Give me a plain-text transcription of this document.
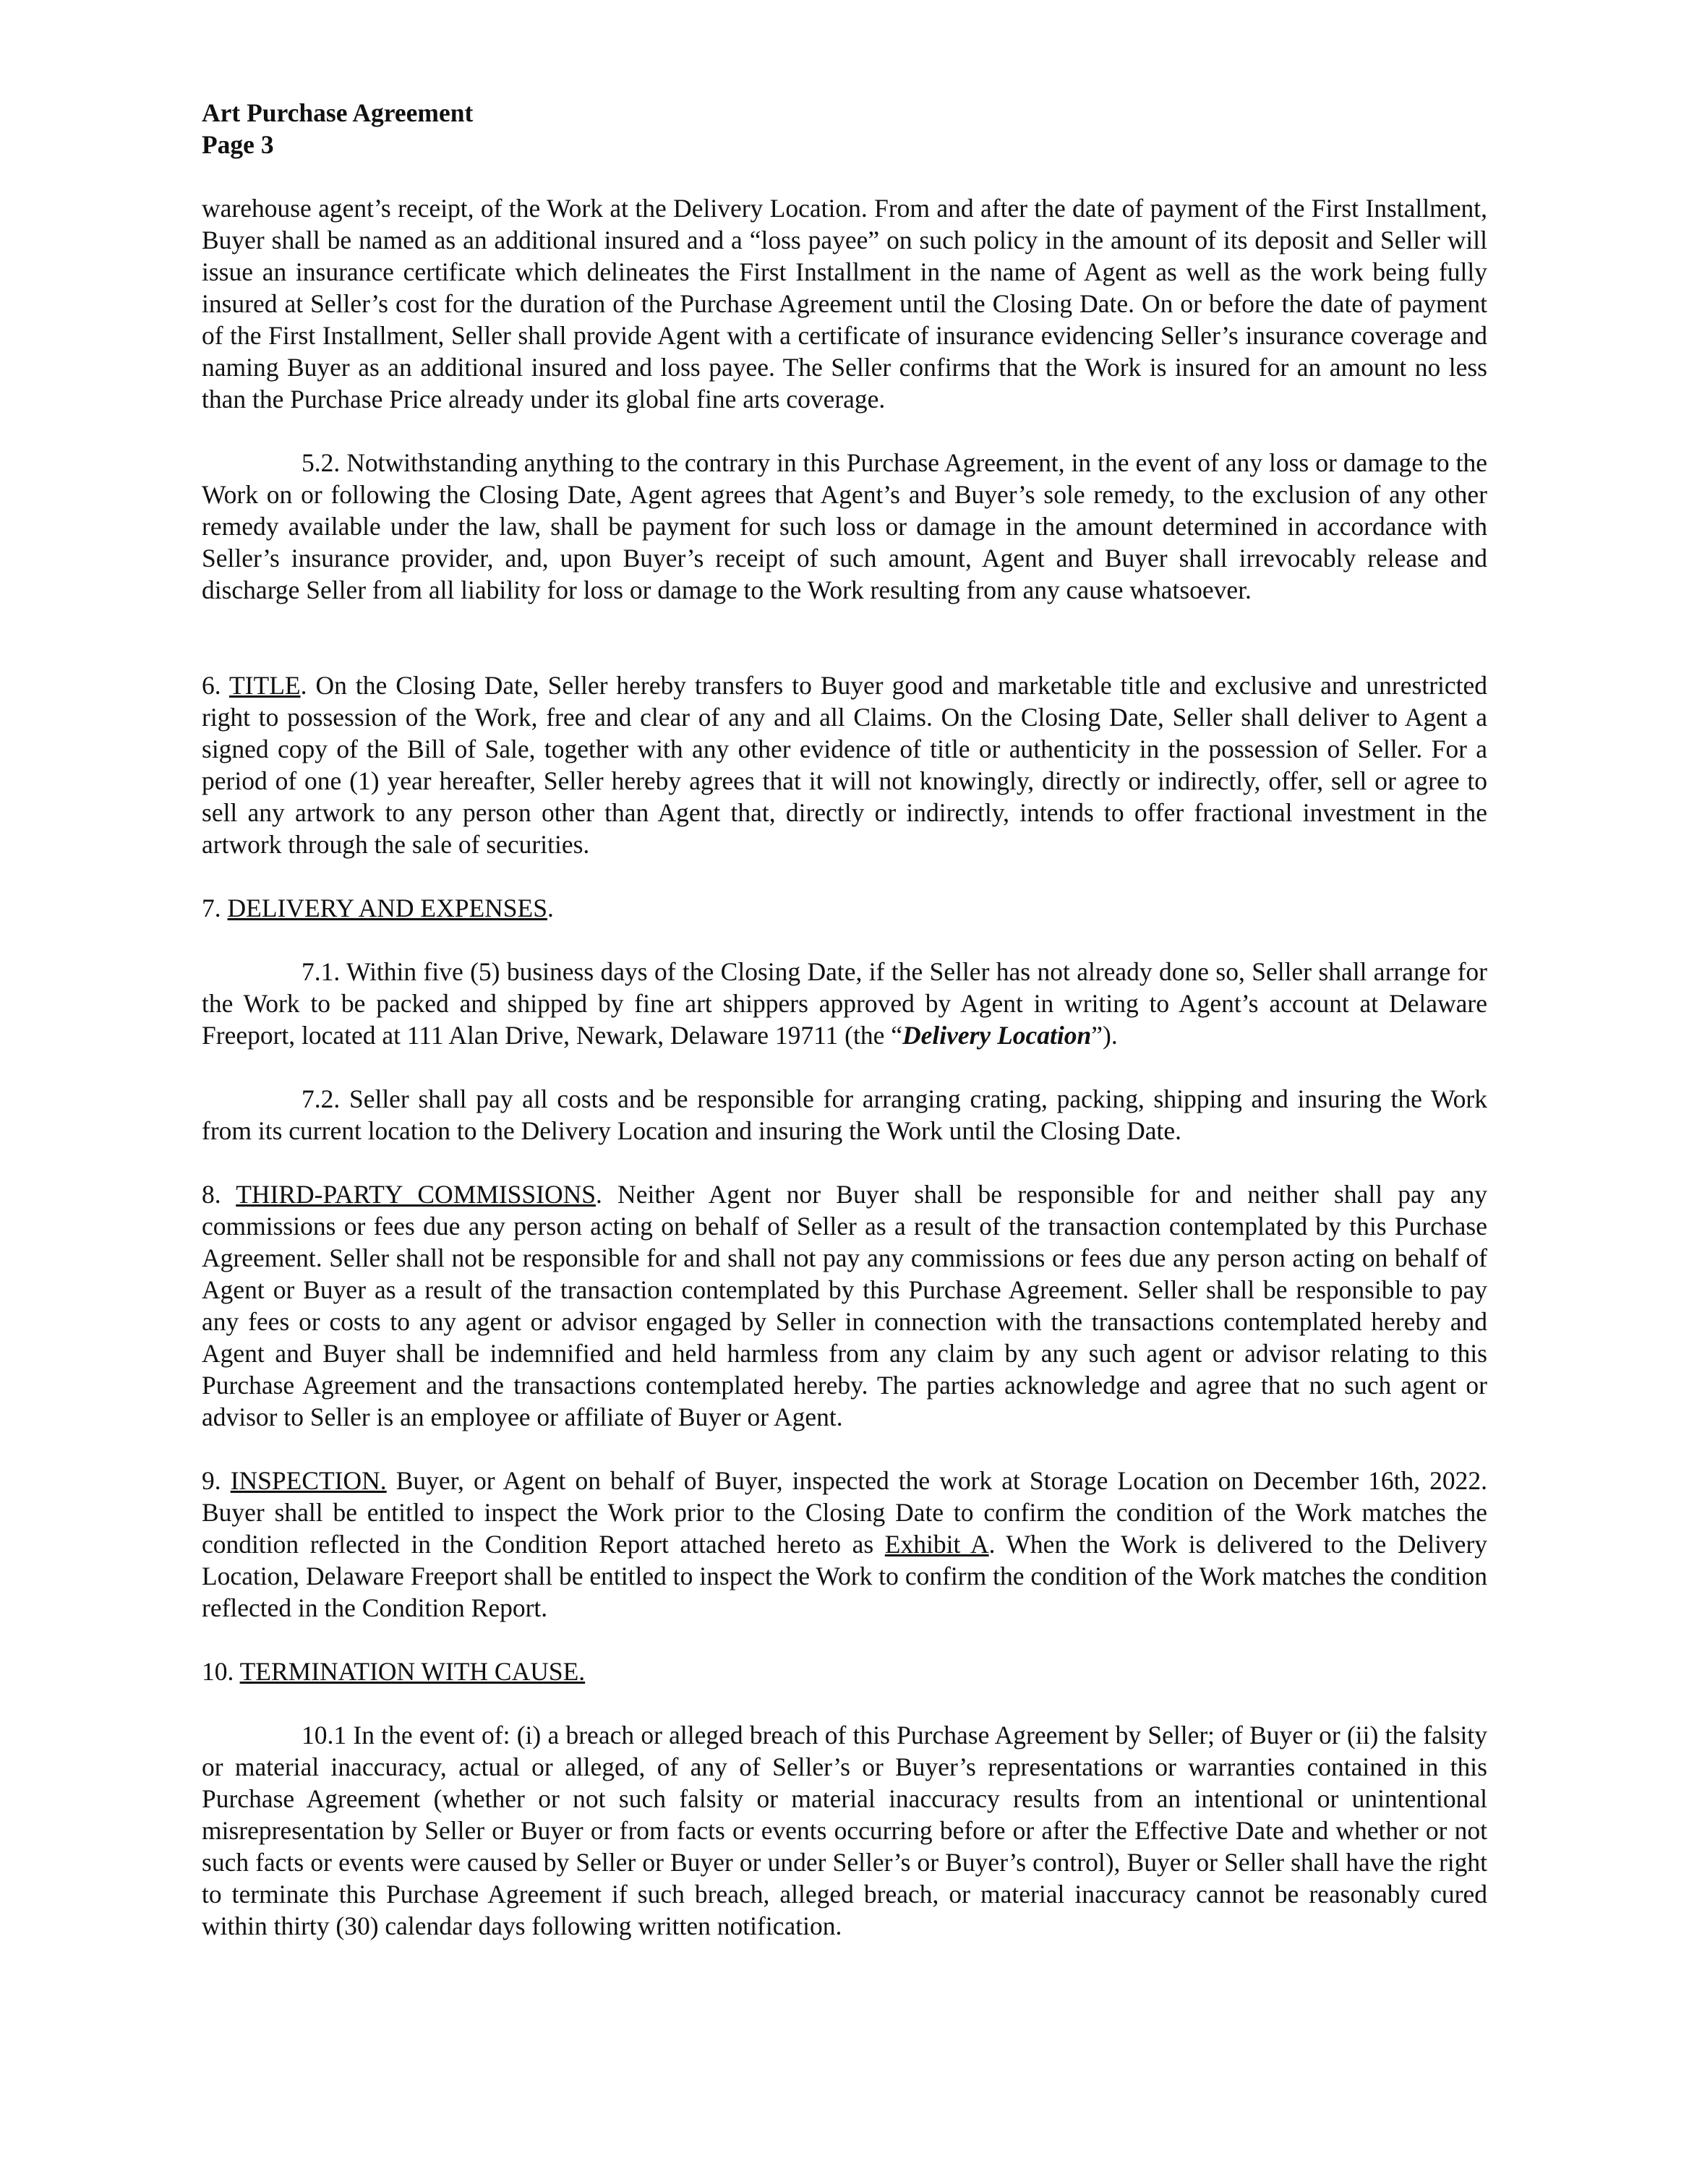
Art Purchase Agreement

Page 3

warehouse agent’s receipt, of the Work at the Delivery Location. From and after the date of payment of the First Installment, Buyer shall be named as an additional insured and a “loss payee” on such policy in the amount of its deposit and Seller will issue an insurance certificate which delineates the First Installment in the name of Agent as well as the work being fully insured at Seller’s cost for the duration of the Purchase Agreement until the Closing Date. On or before the date of payment of the First Installment, Seller shall provide Agent with a certificate of insurance evidencing Seller’s insurance coverage and naming Buyer as an additional insured and loss payee. The Seller confirms that the Work is insured for an amount no less than the Purchase Price already under its global fine arts coverage.

5.2. Notwithstanding anything to the contrary in this Purchase Agreement, in the event of any loss or damage to the Work on or following the Closing Date, Agent agrees that Agent’s and Buyer’s sole remedy, to the exclusion of any other remedy available under the law, shall be payment for such loss or damage in the amount determined in accordance with Seller’s insurance provider, and, upon Buyer’s receipt of such amount, Agent and Buyer shall irrevocably release and discharge Seller from all liability for loss or damage to the Work resulting from any cause whatsoever.

6. TITLE. On the Closing Date, Seller hereby transfers to Buyer good and marketable title and exclusive and unrestricted right to possession of the Work, free and clear of any and all Claims. On the Closing Date, Seller shall deliver to Agent a signed copy of the Bill of Sale, together with any other evidence of title or authenticity in the possession of Seller. For a period of one (1) year hereafter, Seller hereby agrees that it will not knowingly, directly or indirectly, offer, sell or agree to sell any artwork to any person other than Agent that, directly or indirectly, intends to offer fractional investment in the artwork through the sale of securities.

7. DELIVERY AND EXPENSES.

7.1. Within five (5) business days of the Closing Date, if the Seller has not already done so, Seller shall arrange for the Work to be packed and shipped by fine art shippers approved by Agent in writing to Agent’s account at Delaware Freeport, located at 111 Alan Drive, Newark, Delaware 19711 (the “Delivery Location”).

7.2. Seller shall pay all costs and be responsible for arranging crating, packing, shipping and insuring the Work from its current location to the Delivery Location and insuring the Work until the Closing Date.

8. THIRD-PARTY COMMISSIONS. Neither Agent nor Buyer shall be responsible for and neither shall pay any commissions or fees due any person acting on behalf of Seller as a result of the transaction contemplated by this Purchase Agreement. Seller shall not be responsible for and shall not pay any commissions or fees due any person acting on behalf of Agent or Buyer as a result of the transaction contemplated by this Purchase Agreement. Seller shall be responsible to pay any fees or costs to any agent or advisor engaged by Seller in connection with the transactions contemplated hereby and Agent and Buyer shall be indemnified and held harmless from any claim by any such agent or advisor relating to this Purchase Agreement and the transactions contemplated hereby. The parties acknowledge and agree that no such agent or advisor to Seller is an employee or affiliate of Buyer or Agent.

9. INSPECTION. Buyer, or Agent on behalf of Buyer, inspected the work at Storage Location on December 16th, 2022. Buyer shall be entitled to inspect the Work prior to the Closing Date to confirm the condition of the Work matches the condition reflected in the Condition Report attached hereto as Exhibit A. When the Work is delivered to the Delivery Location, Delaware Freeport shall be entitled to inspect the Work to confirm the condition of the Work matches the condition reflected in the Condition Report.

10. TERMINATION WITH CAUSE.

10.1 In the event of: (i) a breach or alleged breach of this Purchase Agreement by Seller; of Buyer or (ii) the falsity or material inaccuracy, actual or alleged, of any of Seller’s or Buyer’s representations or warranties contained in this Purchase Agreement (whether or not such falsity or material inaccuracy results from an intentional or unintentional misrepresentation by Seller or Buyer or from facts or events occurring before or after the Effective Date and whether or not such facts or events were caused by Seller or Buyer or under Seller’s or Buyer’s control), Buyer or Seller shall have the right to terminate this Purchase Agreement if such breach, alleged breach, or material inaccuracy cannot be reasonably cured within thirty (30) calendar days following written notification.
